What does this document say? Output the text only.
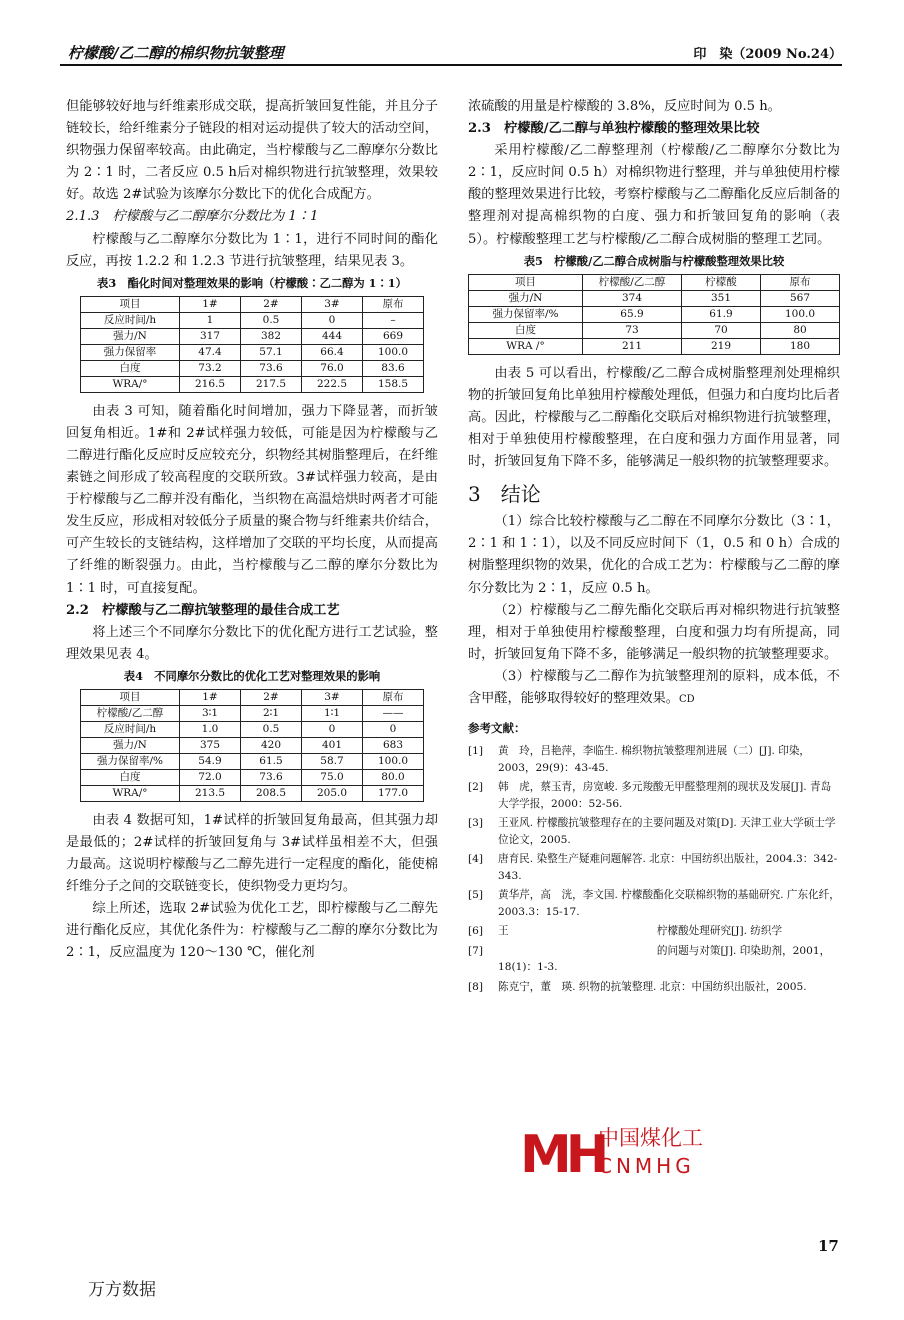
柠檬酸/乙二醇的棉织物抗皱整理	印　染（2009 No.24）

但能够较好地与纤维素形成交联，提高折皱回复性能，并且分子链较长，给纤维素分子链段的相对运动提供了较大的活动空间，织物强力保留率较高。由此确定，当柠檬酸与乙二醇摩尔分数比为 2∶1 时，二者反应 0.5 h后对棉织物进行抗皱整理，效果较好。故选 2#试验为该摩尔分数比下的优化合成配方。

2.1.3　柠檬酸与乙二醇摩尔分数比为 1∶1

柠檬酸与乙二醇摩尔分数比为 1∶1，进行不同时间的酯化反应，再按 1.2.2 和 1.2.3 节进行抗皱整理，结果见表 3。

表3　酯化时间对整理效果的影响（柠檬酸∶乙二醇为 1∶1）
项目	1#	2#	3#	原布
反应时间/h	1	0.5	0	–
强力/N	317	382	444	669
强力保留率	47.4	57.1	66.4	100.0
白度	73.2	73.6	76.0	83.6
WRA/°	216.5	217.5	222.5	158.5

由表 3 可知，随着酯化时间增加，强力下降显著，而折皱回复角相近。1#和 2#试样强力较低，可能是因为柠檬酸与乙二醇进行酯化反应时反应较充分，织物经其树脂整理后，在纤维素链之间形成了较高程度的交联所致。3#试样强力较高，是由于柠檬酸与乙二醇并没有酯化，当织物在高温焙烘时两者才可能发生反应，形成相对较低分子质量的聚合物与纤维素共价结合，可产生较长的支链结构，这样增加了交联的平均长度，从而提高了纤维的断裂强力。由此，当柠檬酸与乙二醇的摩尔分数比为 1∶1 时，可直接复配。

2.2　柠檬酸与乙二醇抗皱整理的最佳合成工艺

将上述三个不同摩尔分数比下的优化配方进行工艺试验，整理效果见表 4。

表4　不同摩尔分数比的优化工艺对整理效果的影响
项目	1#	2#	3#	原布
柠檬酸/乙二醇	3∶1	2∶1	1∶1	——
反应时间/h	1.0	0.5	0	0
强力/N	375	420	401	683
强力保留率/%	54.9	61.5	58.7	100.0
白度	72.0	73.6	75.0	80.0
WRA/°	213.5	208.5	205.0	177.0

由表 4 数据可知，1#试样的折皱回复角最高，但其强力却是最低的；2#试样的折皱回复角与 3#试样虽相差不大，但强力最高。这说明柠檬酸与乙二醇先进行一定程度的酯化，能使棉纤维分子之间的交联链变长，使织物受力更均匀。

综上所述，选取 2#试验为优化工艺，即柠檬酸与乙二醇先进行酯化反应，其优化条件为：柠檬酸与乙二醇的摩尔分数比为 2∶1，反应温度为 120～130 ℃，催化剂

浓硫酸的用量是柠檬酸的 3.8%，反应时间为 0.5 h。

2.3　柠檬酸/乙二醇与单独柠檬酸的整理效果比较

采用柠檬酸/乙二醇整理剂（柠檬酸/乙二醇摩尔分数比为 2∶1，反应时间 0.5 h）对棉织物进行整理，并与单独使用柠檬酸的整理效果进行比较，考察柠檬酸与乙二醇酯化反应后制备的整理剂对提高棉织物的白度、强力和折皱回复角的影响（表 5）。柠檬酸整理工艺与柠檬酸/乙二醇合成树脂的整理工艺同。

表5　柠檬酸/乙二醇合成树脂与柠檬酸整理效果比较
项目	柠檬酸/乙二醇	柠檬酸	原布
强力/N	374	351	567
强力保留率/%	65.9	61.9	100.0
白度	73	70	80
WRA /°	211	219	180

由表 5 可以看出，柠檬酸/乙二醇合成树脂整理剂处理棉织物的折皱回复角比单独用柠檬酸处理低，但强力和白度均比后者高。因此，柠檬酸与乙二醇酯化交联后对棉织物进行抗皱整理，相对于单独使用柠檬酸整理，在白度和强力方面作用显著，同时，折皱回复角下降不多，能够满足一般织物的抗皱整理要求。

3　结论

（1）综合比较柠檬酸与乙二醇在不同摩尔分数比（3∶1，2∶1 和 1∶1），以及不同反应时间下（1，0.5 和 0 h）合成的树脂整理织物的效果，优化的合成工艺为：柠檬酸与乙二醇的摩尔分数比为 2∶1，反应 0.5 h。

（2）柠檬酸与乙二醇先酯化交联后再对棉织物进行抗皱整理，相对于单独使用柠檬酸整理，白度和强力均有所提高，同时，折皱回复角下降不多，能够满足一般织物的抗皱整理要求。

（3）柠檬酸与乙二醇作为抗皱整理剂的原料，成本低，不含甲醛，能够取得较好的整理效果。CD

参考文献：
[1] 黄　玲，吕艳萍，李临生. 棉织物抗皱整理剂进展（二）[J]. 印染，2003，29(9)：43-45.
[2] 韩　虎，蔡玉青，房宽峻. 多元羧酸无甲醛整理剂的现状及发展[J]. 青岛大学学报，2000：52-56.
[3] 王亚风. 柠檬酸抗皱整理存在的主要问题及对策[D]. 天津工业大学硕士学位论文，2005.
[4] 唐育民. 染整生产疑难问题解答. 北京：中国纺织出版社，2004.3：342-343.
[5] 黄华芹，高　洸，李文国. 柠檬酸酯化交联棉织物的基础研究. 广东化纤，2003.3：15-17.
[6] 王　　　　　　　　　　　　　　柠檬酸处理研究[J]. 纺织学
[7] 　　　　　　　　　　　　　　　的问题与对策[J]. 印染助剂，2001，18(1)：1-3.
[8] 陈克宁，董　瑛. 织物的抗皱整理. 北京：中国纺织出版社，2005.
MH
中国煤化工
CNMHG
17
万方数据
